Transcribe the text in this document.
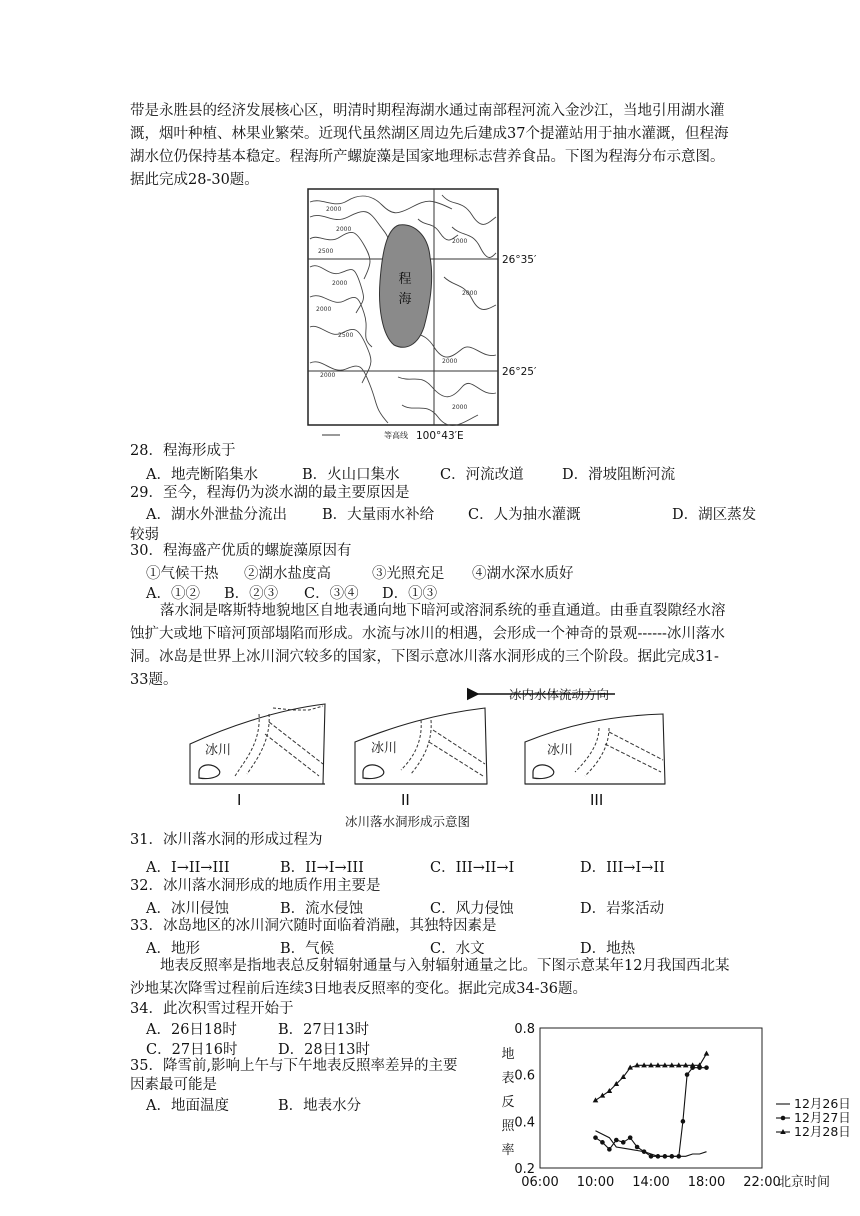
带是永胜县的经济发展核心区，明清时期程海湖水通过南部程河流入金沙江，当地引用湖水灌溉，烟叶种植、林果业繁荣。近现代虽然湖区周边先后建成37个提灌站用于抽水灌溉，但程海湖水位仍保持基本稳定。程海所产螺旋藻是国家地理标志营养食品。下图为程海分布示意图。据此完成28-30题。

程
海
2000
2000
2500
2000
2000
2500
2000
2000
2000
2000
2000
26°35′
26°25′
等高线 100°43′E
28．程海形成于
A．地壳断陷集水	B．火山口集水	C．河流改道	D．滑坡阻断河流
29．至今，程海仍为淡水湖的最主要原因是
A．湖水外泄盐分流出 B．大量雨水补给 C．人为抽水灌溉	D．湖区蒸发
较弱
30．程海盛产优质的螺旋藻原因有
①气候干热 ②湖水盐度高	③光照充足 ④湖水深水质好
A．①② B．②③ C．③④ D．①③

落水洞是喀斯特地貌地区自地表通向地下暗河或溶洞系统的垂直通道。由垂直裂隙经水溶蚀扩大或地下暗河顶部塌陷而形成。水流与冰川的相遇，会形成一个神奇的景观------冰川落水洞。冰岛是世界上冰川洞穴较多的国家，下图示意冰川落水洞形成的三个阶段。据此完成31-33题。

冰内水体流动方向
冰川	冰川	冰川
I	II	III
冰川落水洞形成示意图
31．冰川落水洞的形成过程为
A．I→II→III	B．II→I→III	C．III→II→I	D．III→I→II
32．冰川落水洞形成的地质作用主要是
A．冰川侵蚀	B．流水侵蚀	C．风力侵蚀	D．岩浆活动
33．冰岛地区的冰川洞穴随时面临着消融，其独特因素是
A．地形	B．气候	C．水文	D．地热

地表反照率是指地表总反射辐射通量与入射辐射通量之比。下图示意某年12月我国西北某沙地某次降雪过程前后连续3日地表反照率的变化。据此完成34-36题。

34．此次积雪过程开始于
A．26日18时	B．27日13时
C．27日16时	D．28日13时
35．降雪前,影响上午与下午地表反照率差异的主要
因素最可能是
A．地面温度	B．地表水分
0.2
0.4
0.6
0.8
06:00 10:00 14:00 18:00 22:00
北京时间
地
表
反
照
率
12月26日
12月27日
12月28日
